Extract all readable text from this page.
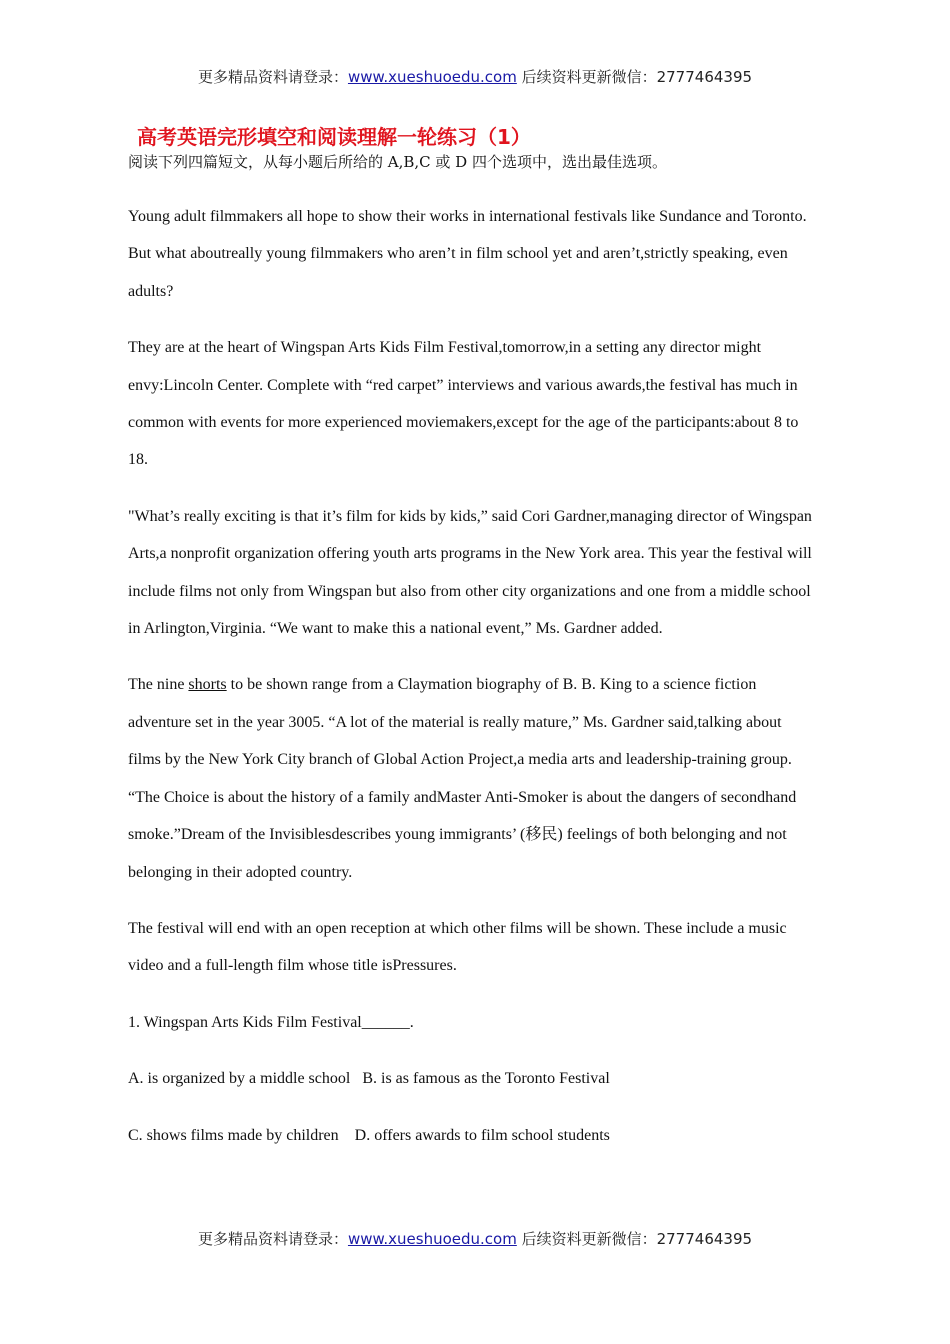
更多精品资料请登录：www.xueshuoedu.com 后续资料更新微信：2777464395
高考英语完形填空和阅读理解一轮练习（1）
阅读下列四篇短文，从每小题后所给的 A,B,C 或 D 四个选项中，选出最佳选项。

Young adult filmmakers all hope to show their works in international festivals like Sundance and Toronto. But what aboutreally young filmmakers who aren’t in film school yet and aren’t,strictly speaking, even adults?

They are at the heart of Wingspan Arts Kids Film Festival,tomorrow,in a setting any director might envy:Lincoln Center. Complete with “red carpet” interviews and various awards,the festival has much in common with events for more experienced moviemakers,except for the age of the participants:about 8 to 18.

"What’s really exciting is that it’s film for kids by kids,” said Cori Gardner,managing director of Wingspan Arts,a nonprofit organization offering youth arts programs in the New York area. This year the festival will include films not only from Wingspan but also from other city organizations and one from a middle school in Arlington,Virginia. “We want to make this a national event,” Ms. Gardner added.

The nine shorts to be shown range from a Claymation biography of B. B. King to a science fiction adventure set in the year 3005. “A lot of the material is really mature,” Ms. Gardner said,talking about films by the New York City branch of Global Action Project,a media arts and leadership-training group. “The Choice is about the history of a family andMaster Anti-Smoker is about the dangers of secondhand smoke.”Dream of the Invisiblesdescribes young immigrants’ (移民) feelings of both belonging and not belonging in their adopted country.

The festival will end with an open reception at which other films will be shown. These include a music video and a full-length film whose title isPressures.

1. Wingspan Arts Kids Film Festival______.

A. is organized by a middle school   B. is as famous as the Toronto Festival

C. shows films made by children    D. offers awards to film school students

更多精品资料请登录：www.xueshuoedu.com 后续资料更新微信：2777464395
